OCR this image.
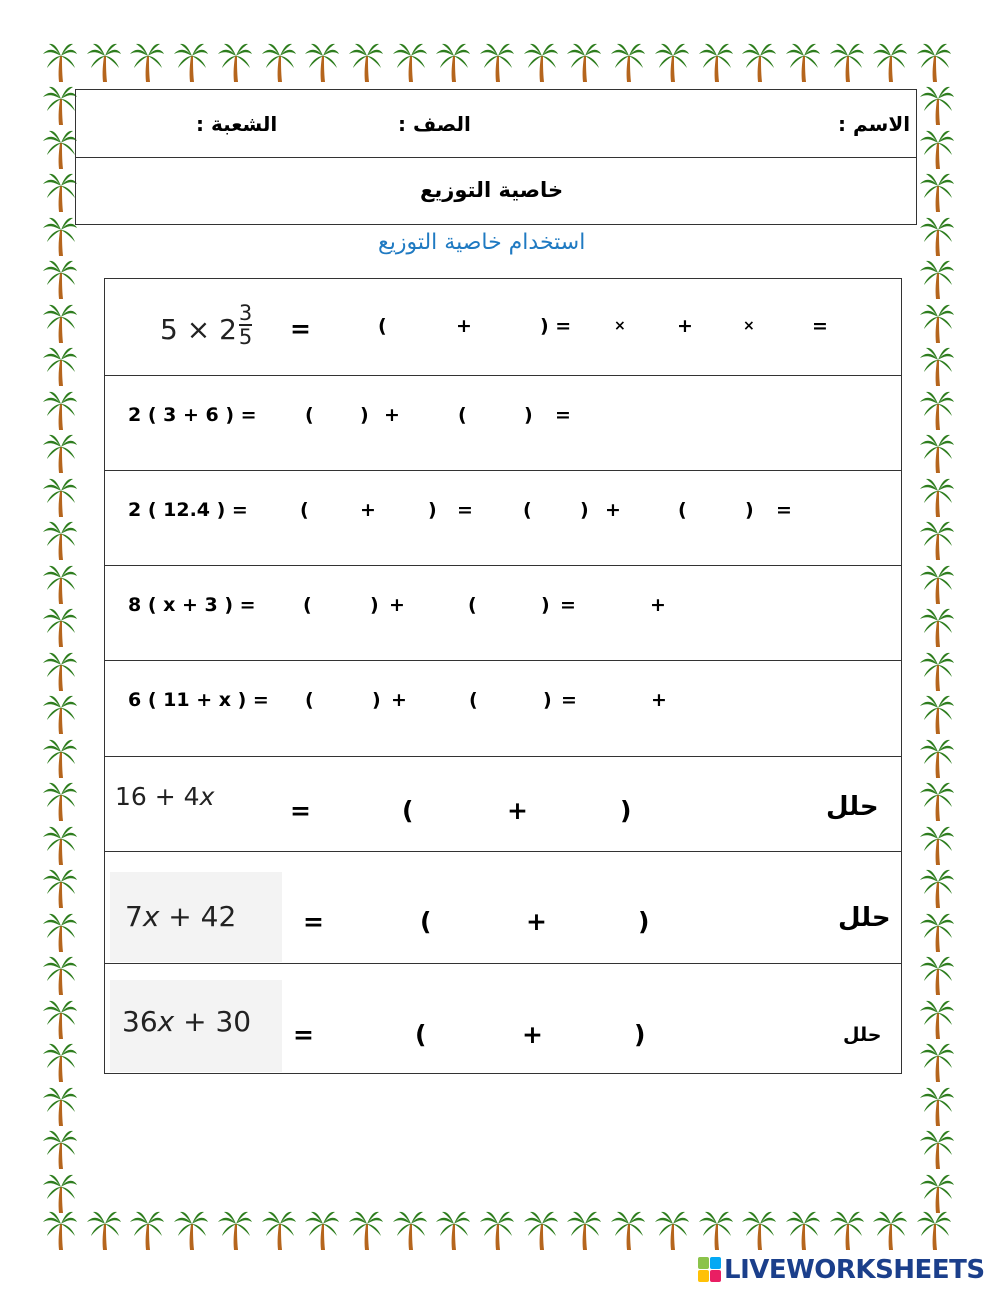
الاسم :
الصف :
الشعبة :
خاصية التوزيع
استخدام خاصية التوزيع
$5 \times 2 \frac{3}{5}$ =	(	+	) =	×	+	×	=
2 ( 3 + 6 ) =	( ) +	(	) =
2 ( 12.4 ) =	(	+	) =	(	) +	(	) =
8 ( x + 3 ) = (	) +	(	) =	+
6 ( 11 + x ) = (	) +	(	) =	+
16 + 4x	=	(	+	)	حلل
7x + 42	=	(	+	)	حلل
36x + 30 =	(	+	)	حلل
LIVEWORKSHEETS
